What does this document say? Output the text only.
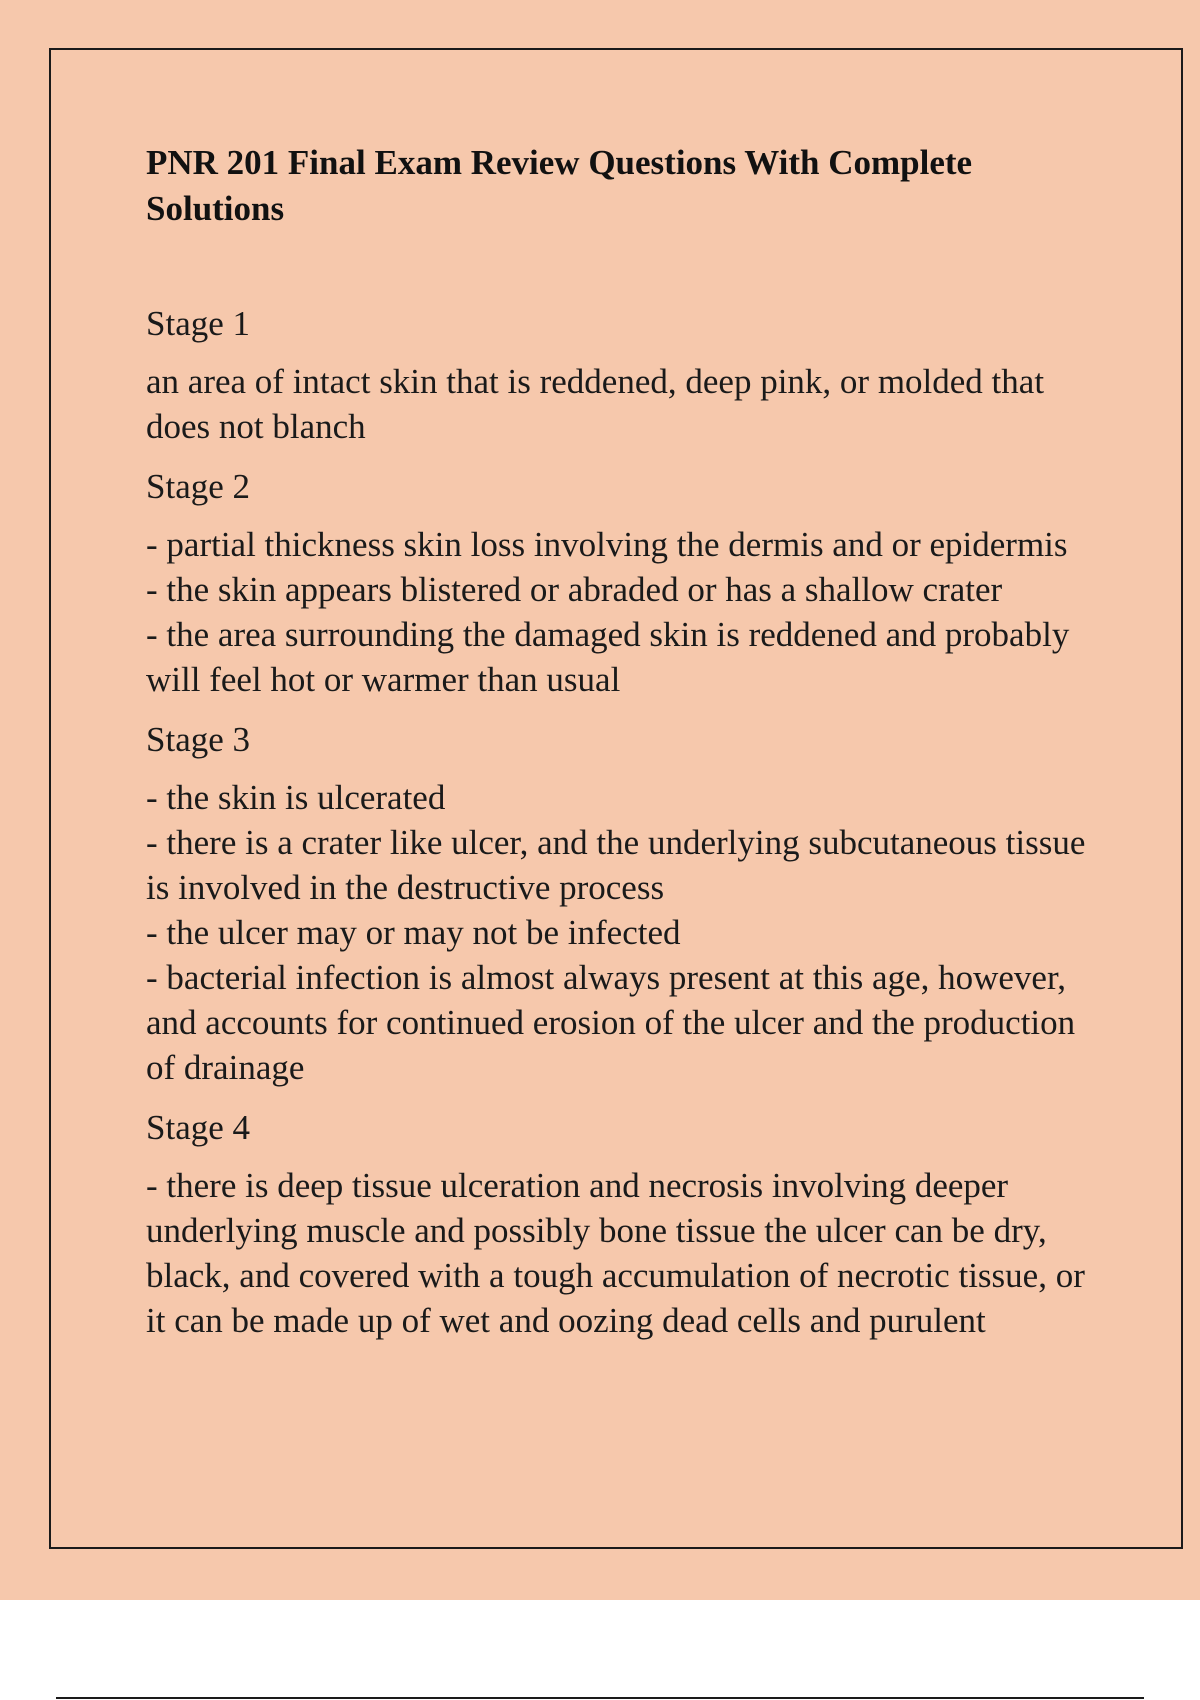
PNR 201 Final Exam Review Questions With Complete Solutions
Stage 1
an area of intact skin that is reddened, deep pink, or molded that does not blanch
Stage 2
- partial thickness skin loss involving the dermis and or epidermis
- the skin appears blistered or abraded or has a shallow crater
- the area surrounding the damaged skin is reddened and probably will feel hot or warmer than usual
Stage 3
- the skin is ulcerated
- there is a crater like ulcer, and the underlying subcutaneous tissue is involved in the destructive process
- the ulcer may or may not be infected
- bacterial infection is almost always present at this age, however, and accounts for continued erosion of the ulcer and the production of drainage
Stage 4
- there is deep tissue ulceration and necrosis involving deeper underlying muscle and possibly bone tissue the ulcer can be dry, black, and covered with a tough accumulation of necrotic tissue, or it can be made up of wet and oozing dead cells and purulent
